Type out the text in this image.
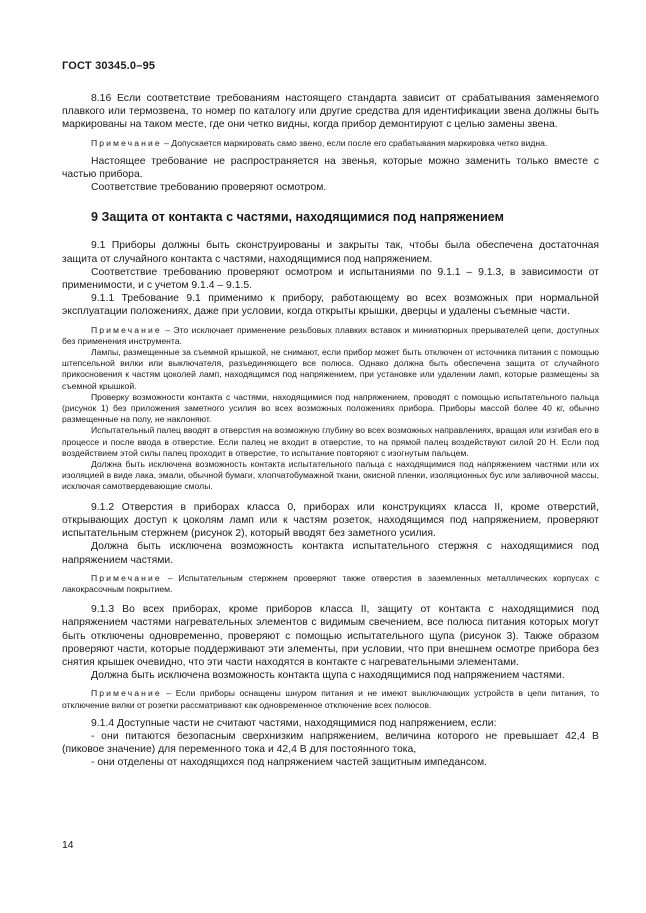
ГОСТ 30345.0–95

8.16 Если соответствие требованиям настоящего стандарта зависит от срабатывания заменяемого плавкого или термозвена, то номер по каталогу или другие средства для идентификации звена должны быть маркированы на таком месте, где они четко видны, когда прибор демонтируют с целью замены звена.

Примечание – Допускается маркировать само звено, если после его срабатывания маркировка четко видна.

Настоящее требование не распространяется на звенья, которые можно заменить только вместе с частью прибора.

Соответствие требованию проверяют осмотром.

9 Защита от контакта с частями, находящимися под напряжением

9.1 Приборы должны быть сконструированы и закрыты так, чтобы была обеспечена достаточная защита от случайного контакта с частями, находящимися под напряжением.

Соответствие требованию проверяют осмотром и испытаниями по 9.1.1 – 9.1.3, в зависимости от применимости, и с учетом 9.1.4 – 9.1.5.

9.1.1 Требование 9.1 применимо к прибору, работающему во всех возможных при нормальной эксплуатации положениях, даже при условии, когда открыты крышки, дверцы и удалены съемные части.

Примечание – Это исключает применение резьбовых плавких вставок и миниатюрных прерывателей цепи, доступных без применения инструмента.

Лампы, размещенные за съемной крышкой, не снимают, если прибор может быть отключен от источника питания с помощью штепсельной вилки или выключателя, разъединяющего все полюса. Однако должна быть обеспечена защита от случайного прикосновения к частям цоколей ламп, находящимся под напряжением, при установке или удалении ламп, которые размещены за съемной крышкой.

Проверку возможности контакта с частями, находящимися под напряжением, проводят с помощью испытательного пальца (рисунок 1) без приложения заметного усилия во всех возможных положениях прибора. Приборы массой более 40 кг, обычно размещенные на полу, не наклоняют.

Испытательный палец вводят в отверстия на возможную глубину во всех возможных направлениях, вращая или изгибая его в процессе и после ввода в отверстие. Если палец не входит в отверстие, то на прямой палец воздействуют силой 20 Н. Если под воздействием этой силы палец проходит в отверстие, то испытание повторяют с изогнутым пальцем.

Должна быть исключена возможность контакта испытательного пальца с находящимися под напряжением частями или их изоляцией в виде лака, эмали, обычной бумаги, хлопчатобумажной ткани, окисной пленки, изоляционных бус или заливочной массы, исключая самотвердевающие смолы.

9.1.2 Отверстия в приборах класса 0, приборах или конструкциях класса II, кроме отверстий, открывающих доступ к цоколям ламп или к частям розеток, находящимся под напряжением, проверяют испытательным стержнем (рисунок 2), который вводят без заметного усилия.

Должна быть исключена возможность контакта испытательного стержня с находящимися под напряжением частями.

Примечание – Испытательным стержнем проверяют также отверстия в заземленных металлических корпусах с лакокрасочным покрытием.

9.1.3 Во всех приборах, кроме приборов класса II, защиту от контакта с находящимися под напряжением частями нагревательных элементов с видимым свечением, все полюса питания которых могут быть отключены одновременно, проверяют с помощью испытательного щупа (рисунок 3). Также образом проверяют части, которые поддерживают эти элементы, при условии, что при внешнем осмотре прибора без снятия крышек очевидно, что эти части находятся в контакте с нагревательными элементами.

Должна быть исключена возможность контакта щупа с находящимися под напряжением частями.

Примечание – Если приборы оснащены шнуром питания и не имеют выключающих устройств в цепи питания, то отключение вилки от розетки рассматривают как одновременное отключение всех полюсов.

9.1.4 Доступные части не считают частями, находящимися под напряжением, если:

- они питаются безопасным сверхнизким напряжением, величина которого не превышает 42,4 В (пиковое значение) для переменного тока и 42,4 В для постоянного тока,

- они отделены от находящихся под напряжением частей защитным импедансом.

14
